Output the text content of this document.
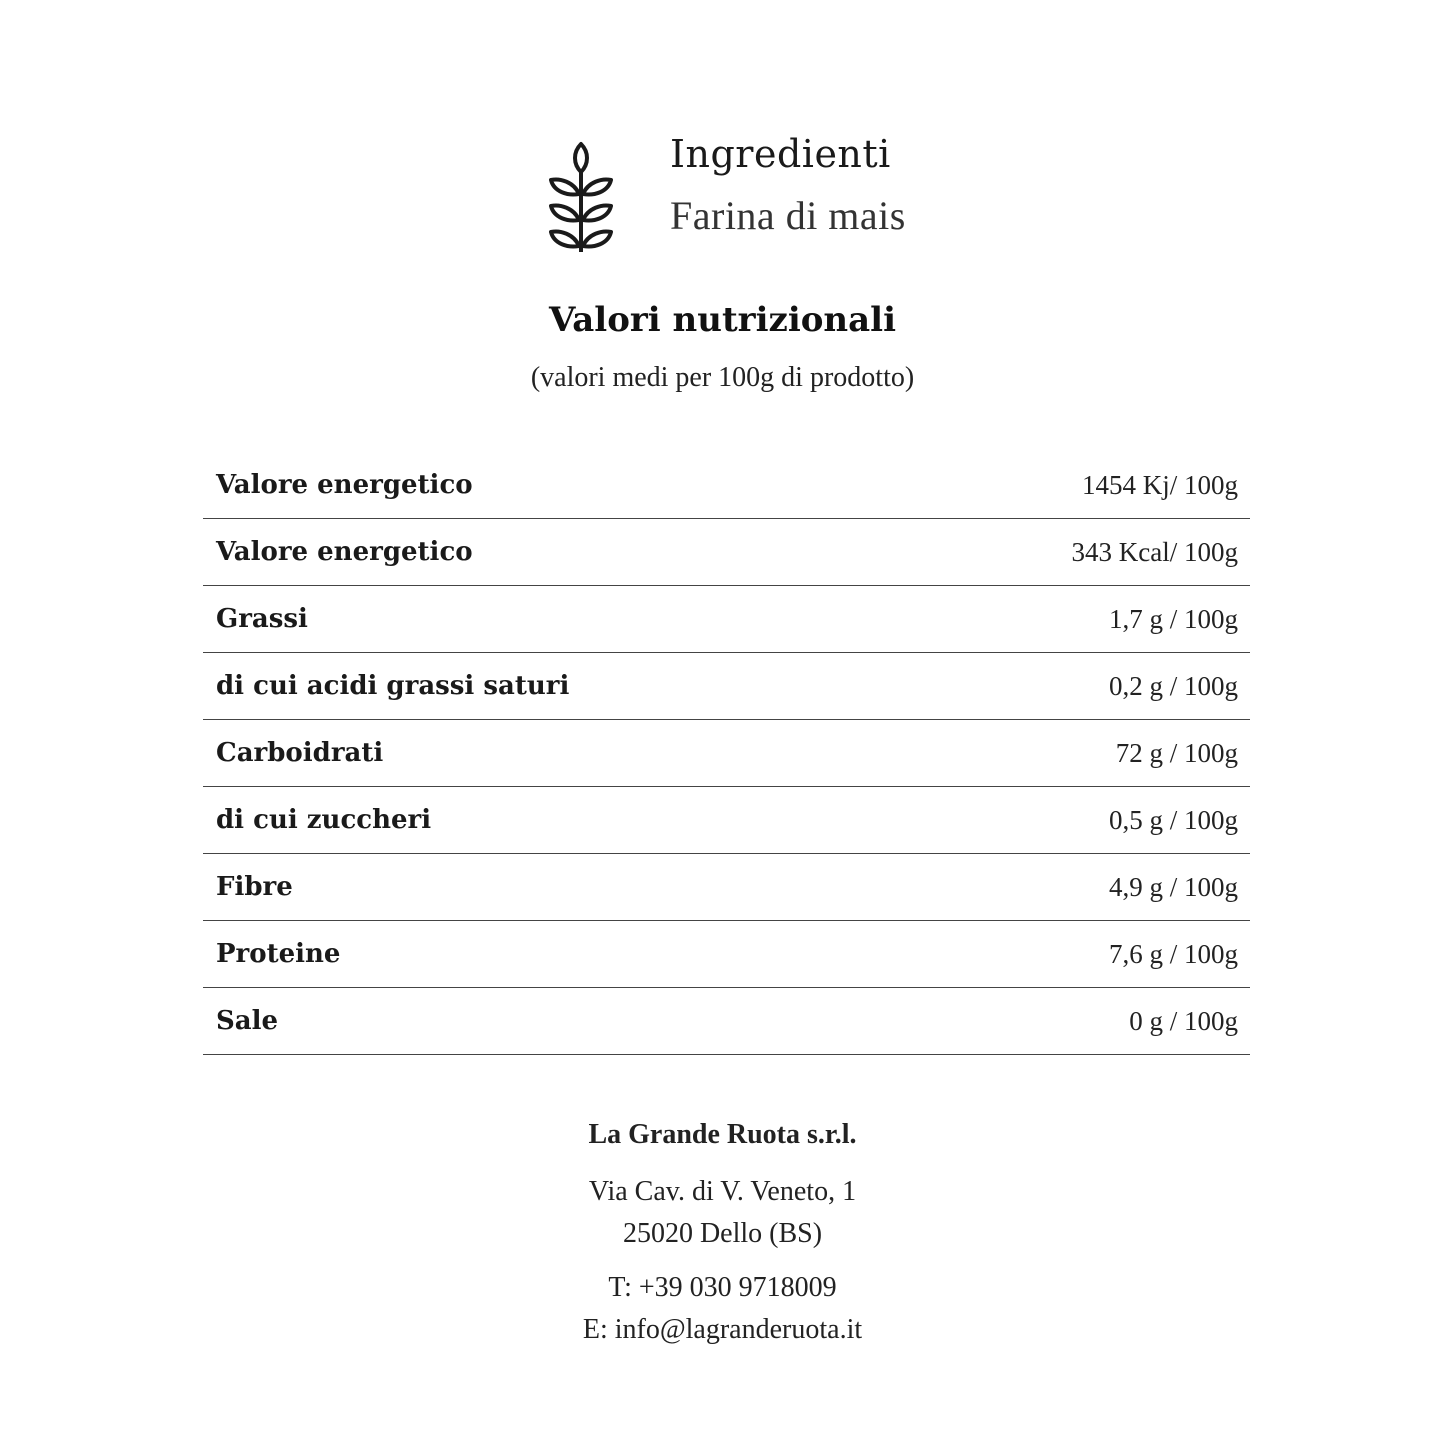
Ingredienti
Farina di mais
Valori nutrizionali
(valori medi per 100g di prodotto)
Valore energetico	1454 Kj/ 100g
Valore energetico	343 Kcal/ 100g
Grassi	1,7 g / 100g
di cui acidi grassi saturi	0,2 g / 100g
Carboidrati	72 g / 100g
di cui zuccheri	0,5 g / 100g
Fibre	4,9 g / 100g
Proteine	7,6 g / 100g
Sale	0 g / 100g
La Grande Ruota s.r.l.
Via Cav. di V. Veneto, 1
25020 Dello (BS)
T: +39 030 9718009
E: info@lagranderuota.it
